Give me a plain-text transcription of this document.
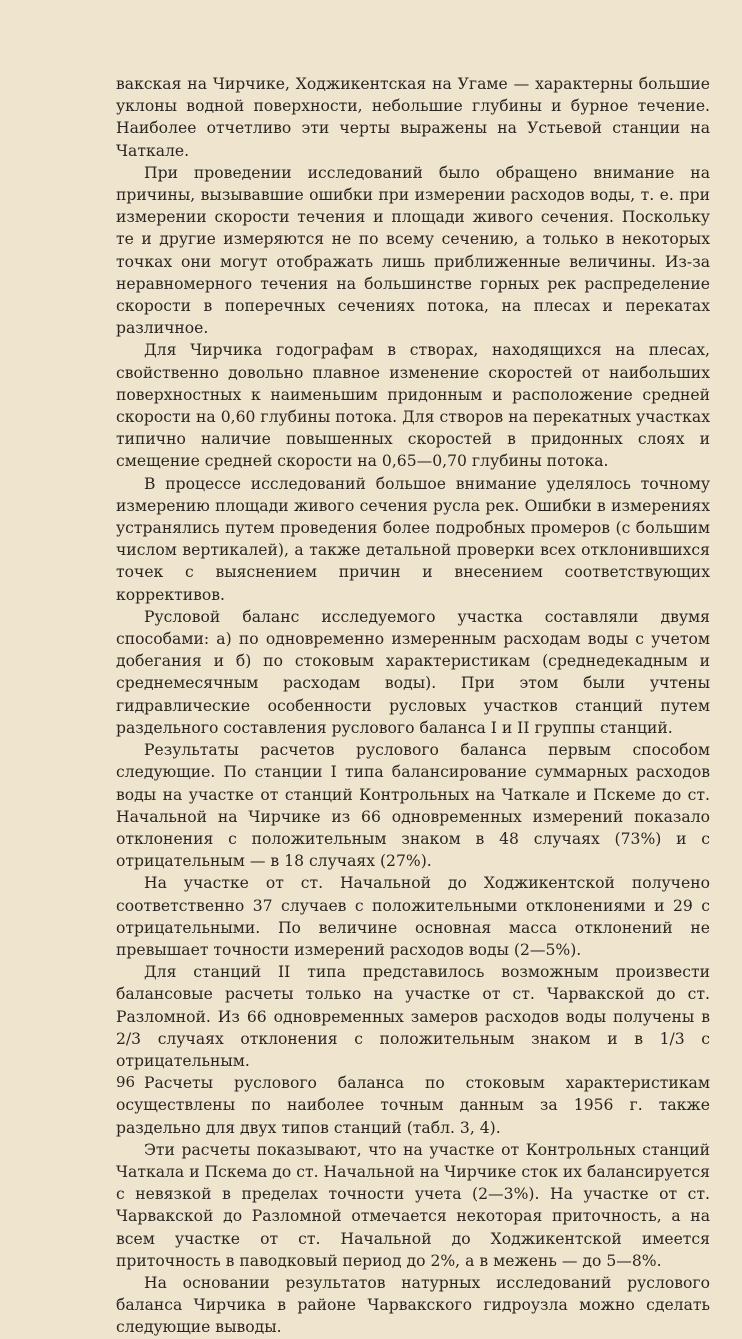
вакская на Чирчике, Ходжикентская на Угаме — характерны большие уклоны водной поверхности, небольшие глубины и бурное течение. Наиболее отчетливо эти черты выражены на Устьевой станции на Чаткале.

При проведении исследований было обращено внимание на причины, вызывавшие ошибки при измерении расходов воды, т. е. при измерении скорости течения и площади живого сечения. Поскольку те и другие измеряются не по всему сечению, а только в некоторых точках они могут отображать лишь приближенные величины. Из-за неравномерного течения на большинстве горных рек распределение скорости в поперечных сечениях потока, на плесах и перекатах различное.

Для Чирчика годографам в створах, находящихся на плесах, свойственно довольно плавное изменение скоростей от наибольших поверхностных к наименьшим придонным и расположение средней скорости на 0,60 глубины потока. Для створов на перекатных участках типично наличие повышенных скоростей в придонных слоях и смещение средней скорости на 0,65—0,70 глубины потока.

В процессе исследований большое внимание уделялось точному измерению площади живого сечения русла рек. Ошибки в измерениях устранялись путем проведения более подробных промеров (с большим числом вертикалей), а также детальной проверки всех отклонившихся точек с выяснением причин и внесением соответствующих коррективов.

Русловой баланс исследуемого участка составляли двумя способами: а) по одновременно измеренным расходам воды с учетом добегания и б) по стоковым характеристикам (среднедекадным и среднемесячным расходам воды). При этом были учтены гидравлические особенности русловых участков станций путем раздельного составления руслового баланса I и II группы станций.

Результаты расчетов руслового баланса первым способом следующие. По станции I типа балансирование суммарных расходов воды на участке от станций Контрольных на Чаткале и Пскеме до ст. Начальной на Чирчике из 66 одновременных измерений показало отклонения с положительным знаком в 48 случаях (73%) и с отрицательным — в 18 случаях (27%).

На участке от ст. Начальной до Ходжикентской получено соответственно 37 случаев с положительными отклонениями и 29 с отрицательными. По величине основная масса отклонений не превышает точности измерений расходов воды (2—5%).

Для станций II типа представилось возможным произвести балансовые расчеты только на участке от ст. Чарвакской до ст. Разломной. Из 66 одновременных замеров расходов воды получены в 2/3 случаях отклонения с положительным знаком и в 1/3 с отрицательным.

Расчеты руслового баланса по стоковым характеристикам осуществлены по наиболее точным данным за 1956 г. также раздельно для двух типов станций (табл. 3, 4).

Эти расчеты показывают, что на участке от Контрольных станций Чаткала и Пскема до ст. Начальной на Чирчике сток их балансируется с невязкой в пределах точности учета (2—3%). На участке от ст. Чарвакской до Разломной отмечается некоторая приточность, а на всем участке от ст. Начальной до Ходжикентской имеется приточность в паводковый период до 2%, а в межень — до 5—8%.

На основании результатов натурных исследований руслового баланса Чирчика в районе Чарвакского гидроузла можно сделать следующие выводы.

96
